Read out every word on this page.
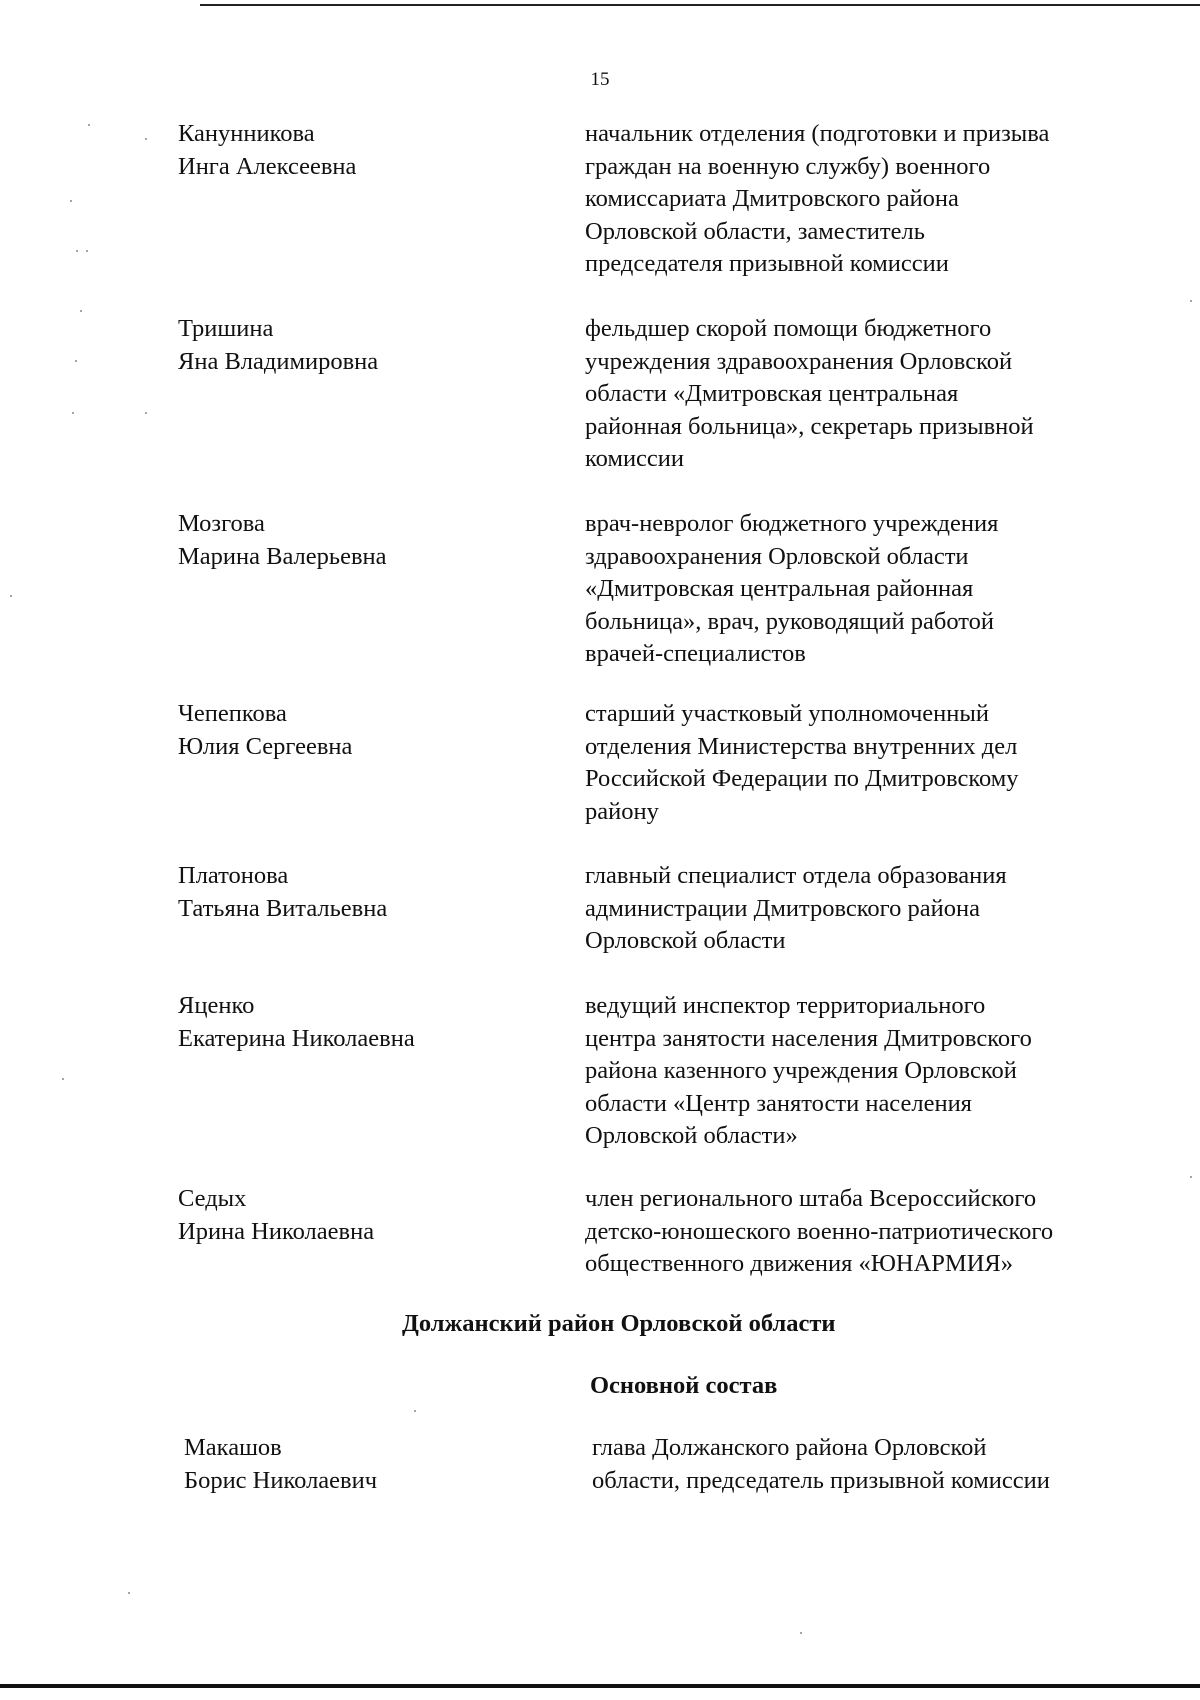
15
Канунникова
Инга Алексеевна
начальник отделения (подготовки и призыва
граждан на военную службу) военного
комиссариата Дмитровского района
Орловской области, заместитель
председателя призывной комиссии
Тришина
Яна Владимировна
фельдшер скорой помощи бюджетного
учреждения здравоохранения Орловской
области «Дмитровская центральная
районная больница», секретарь призывной
комиссии
Мозгова
Марина Валерьевна
врач-невролог бюджетного учреждения
здравоохранения Орловской области
«Дмитровская центральная районная
больница», врач, руководящий работой
врачей-специалистов
Чепепкова
Юлия Сергеевна
старший участковый уполномоченный
отделения Министерства внутренних дел
Российской Федерации по Дмитровскому
району
Платонова
Татьяна Витальевна
главный специалист отдела образования
администрации Дмитровского района
Орловской области
Яценко
Екатерина Николаевна
ведущий инспектор территориального
центра занятости населения Дмитровского
района казенного учреждения Орловской
области «Центр занятости населения
Орловской области»
Седых
Ирина Николаевна
член регионального штаба Всероссийского
детско-юношеского военно-патриотического
общественного движения «ЮНАРМИЯ»
Должанский район Орловской области
Основной состав
Макашов
Борис Николаевич
глава Должанского района Орловской
области, председатель призывной комиссии
